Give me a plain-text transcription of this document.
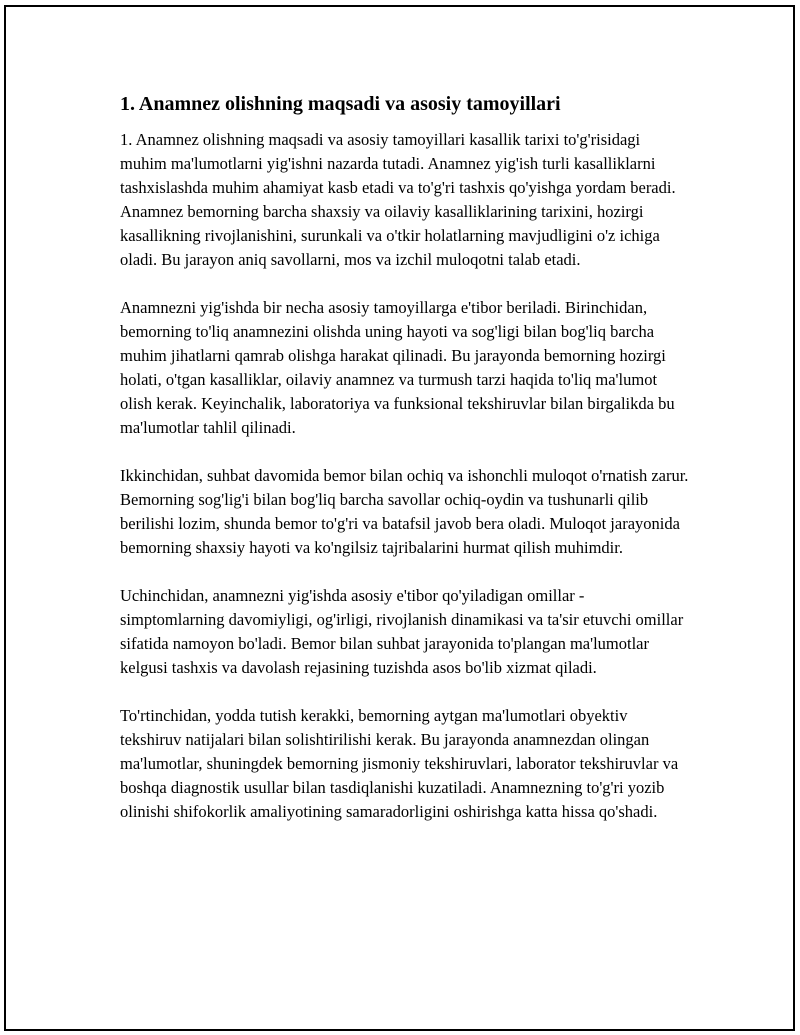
1. Anamnez olishning maqsadi va asosiy tamoyillari

1. Anamnez olishning maqsadi va asosiy tamoyillari kasallik tarixi to'g'risidagi muhim ma'lumotlarni yig'ishni nazarda tutadi. Anamnez yig'ish turli kasalliklarni tashxislashda muhim ahamiyat kasb etadi va to'g'ri tashxis qo'yishga yordam beradi. Anamnez bemorning barcha shaxsiy va oilaviy kasalliklarining tarixini, hozirgi kasallikning rivojlanishini, surunkali va o'tkir holatlarning mavjudligini o'z ichiga oladi. Bu jarayon aniq savollarni, mos va izchil muloqotni talab etadi.

Anamnezni yig'ishda bir necha asosiy tamoyillarga e'tibor beriladi. Birinchidan, bemorning to'liq anamnezini olishda uning hayoti va sog'ligi bilan bog'liq barcha muhim jihatlarni qamrab olishga harakat qilinadi. Bu jarayonda bemorning hozirgi holati, o'tgan kasalliklar, oilaviy anamnez va turmush tarzi haqida to'liq ma'lumot olish kerak. Keyinchalik, laboratoriya va funksional tekshiruvlar bilan birgalikda bu ma'lumotlar tahlil qilinadi.

Ikkinchidan, suhbat davomida bemor bilan ochiq va ishonchli muloqot o'rnatish zarur. Bemorning sog'lig'i bilan bog'liq barcha savollar ochiq-oydin va tushunarli qilib berilishi lozim, shunda bemor to'g'ri va batafsil javob bera oladi. Muloqot jarayonida bemorning shaxsiy hayoti va ko'ngilsiz tajribalarini hurmat qilish muhimdir.

Uchinchidan, anamnezni yig'ishda asosiy e'tibor qo'yiladigan omillar - simptomlarning davomiyligi, og'irligi, rivojlanish dinamikasi va ta'sir etuvchi omillar sifatida namoyon bo'ladi. Bemor bilan suhbat jarayonida to'plangan ma'lumotlar kelgusi tashxis va davolash rejasining tuzishda asos bo'lib xizmat qiladi.

To'rtinchidan, yodda tutish kerakki, bemorning aytgan ma'lumotlari obyektiv tekshiruv natijalari bilan solishtirilishi kerak. Bu jarayonda anamnezdan olingan ma'lumotlar, shuningdek bemorning jismoniy tekshiruvlari, laborator tekshiruvlar va boshqa diagnostik usullar bilan tasdiqlanishi kuzatiladi. Anamnezning to'g'ri yozib olinishi shifokorlik amaliyotining samaradorligini oshirishga katta hissa qo'shadi.
